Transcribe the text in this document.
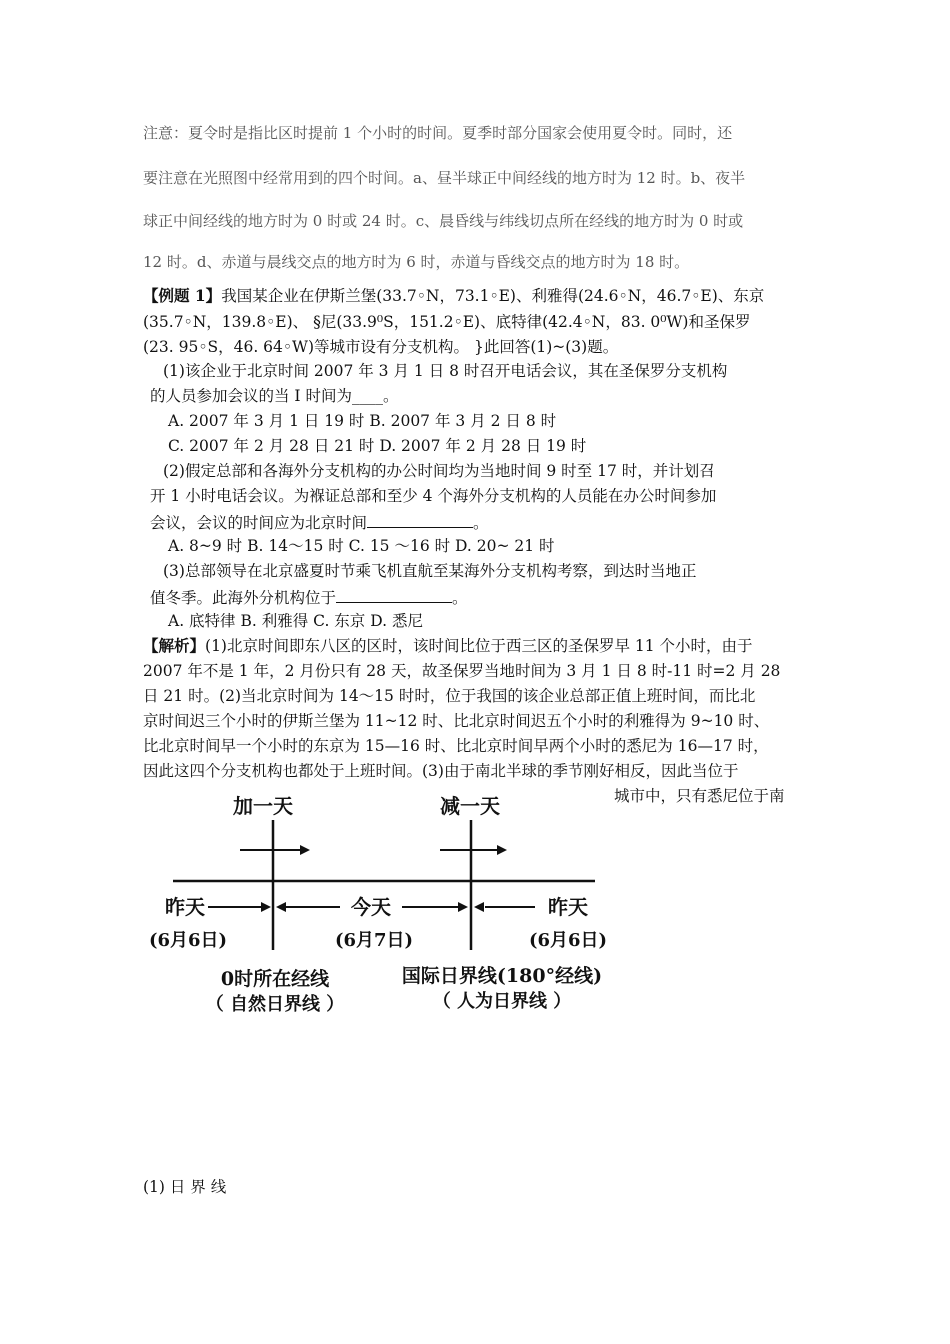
注意：夏令时是指比区时提前 1 个小时的时间。夏季时部分国家会使用夏令时。同时，还
要注意在光照图中经常用到的四个时间。a、昼半球正中间经线的地方时为 12 时。b、夜半
球正中间经线的地方时为 0 时或 24 时。c、晨昏线与纬线切点所在经线的地方时为 0 时或
12 时。d、赤道与晨线交点的地方时为 6 时，赤道与昏线交点的地方时为 18 时。
【例题 1】我国某企业在伊斯兰堡(33.7◦N，73.1◦E)、利雅得(24.6◦N，46.7◦E)、东京
(35.7◦N，139.8◦E)、 §尼(33.9⁰S，151.2◦E)、底特律(42.4◦N，83. 0⁰W)和圣保罗
(23. 95◦S，46. 64◦W)等城市设有分支机构。 }此回答(1)~(3)题。
(1)该企业于北京时间 2007 年 3 月 1 日 8 时召开电话会议，其在圣保罗分支机构
的人员参加会议的当 I 时间为____。
A. 2007 年 3 月 1 日 19 时 B. 2007 年 3 月 2 日 8 时
C. 2007 年 2 月 28 日 21 时 D. 2007 年 2 月 28 日 19 时
(2)假定总部和各海外分支机构的办公时间均为当地时间 9 时至 17 时，并计划召
开 1 小时电话会议。为褓证总部和至少 4 个海外分支机构的人员能在办公时间参加
会议，会议的时间应为北京时间	。
A. 8~9 时 B. 14～15 时 C. 15 ～16 时 D. 20~ 21 时
(3)总部领导在北京盛夏时节乘飞机直航至某海外分支机构考察，到达时当地正
值冬季。此海外分机构位于	。
A. 底特律 B. 利雅得 C. 东京 D. 悉尼
【解析】(1)北京时间即东八区的区时，该时间比位于西三区的圣保罗早 11 个小时，由于
2007 年不是 1 年，2 月份只有 28 天，故圣保罗当地时间为 3 月 1 日 8 时-11 时=2 月 28
日 21 时。(2)当北京时间为 14～15 时时，位于我国的该企业总部正值上班时间，而比北
京时间迟三个小时的伊斯兰堡为 11~12 时、比北京时间迟五个小时的利雅得为 9~10 时、
比北京时间早一个小时的东京为 15—16 时、比北京时间早两个小时的悉尼为 16—17 时，
因此这四个分支机构也都处于上班时间。(3)由于南北半球的季节刚好相反，因此当位于
城市中，只有悉尼位于南
加一天	减一天
昨天	今天	昨天
(6月6日)	(6月7日)	(6月6日)
0时所在经线
（ 自然日界线 ）
国际日界线(180°经线)
（ 人为日界线 ）
(1) 日 界 线
